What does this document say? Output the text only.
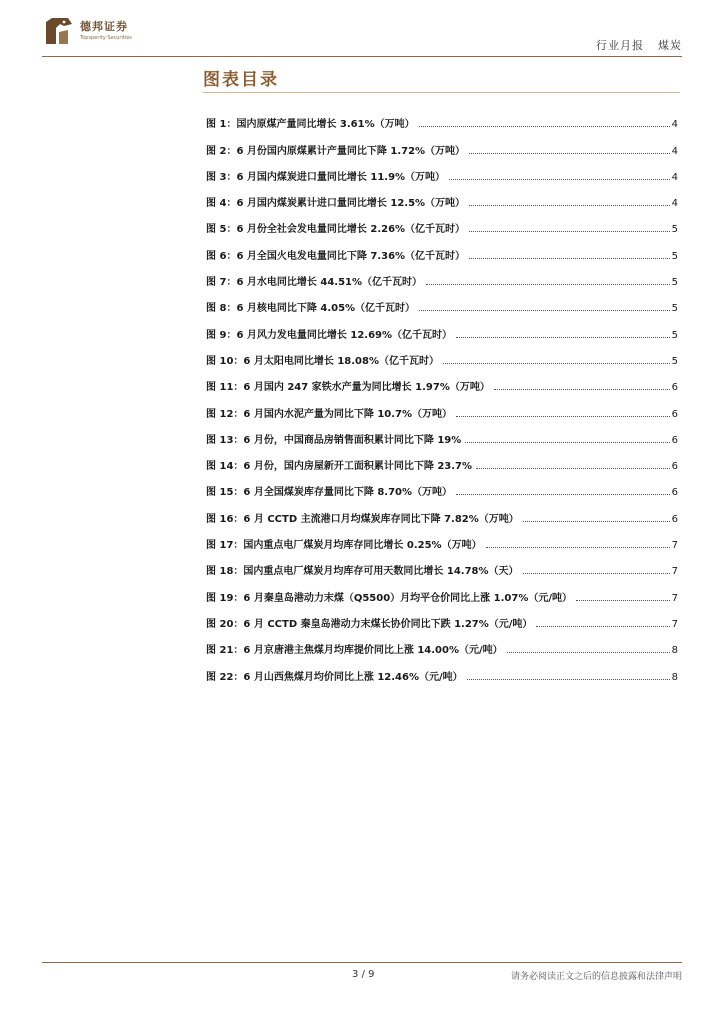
德邦证券
Topsperity Securities
行业月报 煤炭
图表目录
图 1：国内原煤产量同比增长 3.61%（万吨）	4
图 2：6 月份国内原煤累计产量同比下降 1.72%（万吨）	4
图 3：6 月国内煤炭进口量同比增长 11.9%（万吨）	4
图 4：6 月国内煤炭累计进口量同比增长 12.5%（万吨）	4
图 5：6 月份全社会发电量同比增长 2.26%（亿千瓦时）	5
图 6：6 月全国火电发电量同比下降 7.36%（亿千瓦时）	5
图 7：6 月水电同比增长 44.51%（亿千瓦时）	5
图 8：6 月核电同比下降 4.05%（亿千瓦时）	5
图 9：6 月风力发电量同比增长 12.69%（亿千瓦时）	5
图 10：6 月太阳电同比增长 18.08%（亿千瓦时）	5
图 11：6 月国内 247 家铁水产量为同比增长 1.97%（万吨）	6
图 12：6 月国内水泥产量为同比下降 10.7%（万吨）	6
图 13：6 月份，中国商品房销售面积累计同比下降 19%	6
图 14：6 月份，国内房屋新开工面积累计同比下降 23.7%	6
图 15：6 月全国煤炭库存量同比下降 8.70%（万吨）	6
图 16：6 月 CCTD 主流港口月均煤炭库存同比下降 7.82%（万吨）	6
图 17：国内重点电厂煤炭月均库存同比增长 0.25%（万吨）	7
图 18：国内重点电厂煤炭月均库存可用天数同比增长 14.78%（天）	7
图 19：6 月秦皇岛港动力末煤（Q5500）月均平仓价同比上涨 1.07%（元/吨）	7
图 20：6 月 CCTD 秦皇岛港动力末煤长协价同比下跌 1.27%（元/吨）	7
图 21：6 月京唐港主焦煤月均库提价同比上涨 14.00%（元/吨）	8
图 22：6 月山西焦煤月均价同比上涨 12.46%（元/吨）	8
3 / 9	请务必阅读正文之后的信息披露和法律声明
